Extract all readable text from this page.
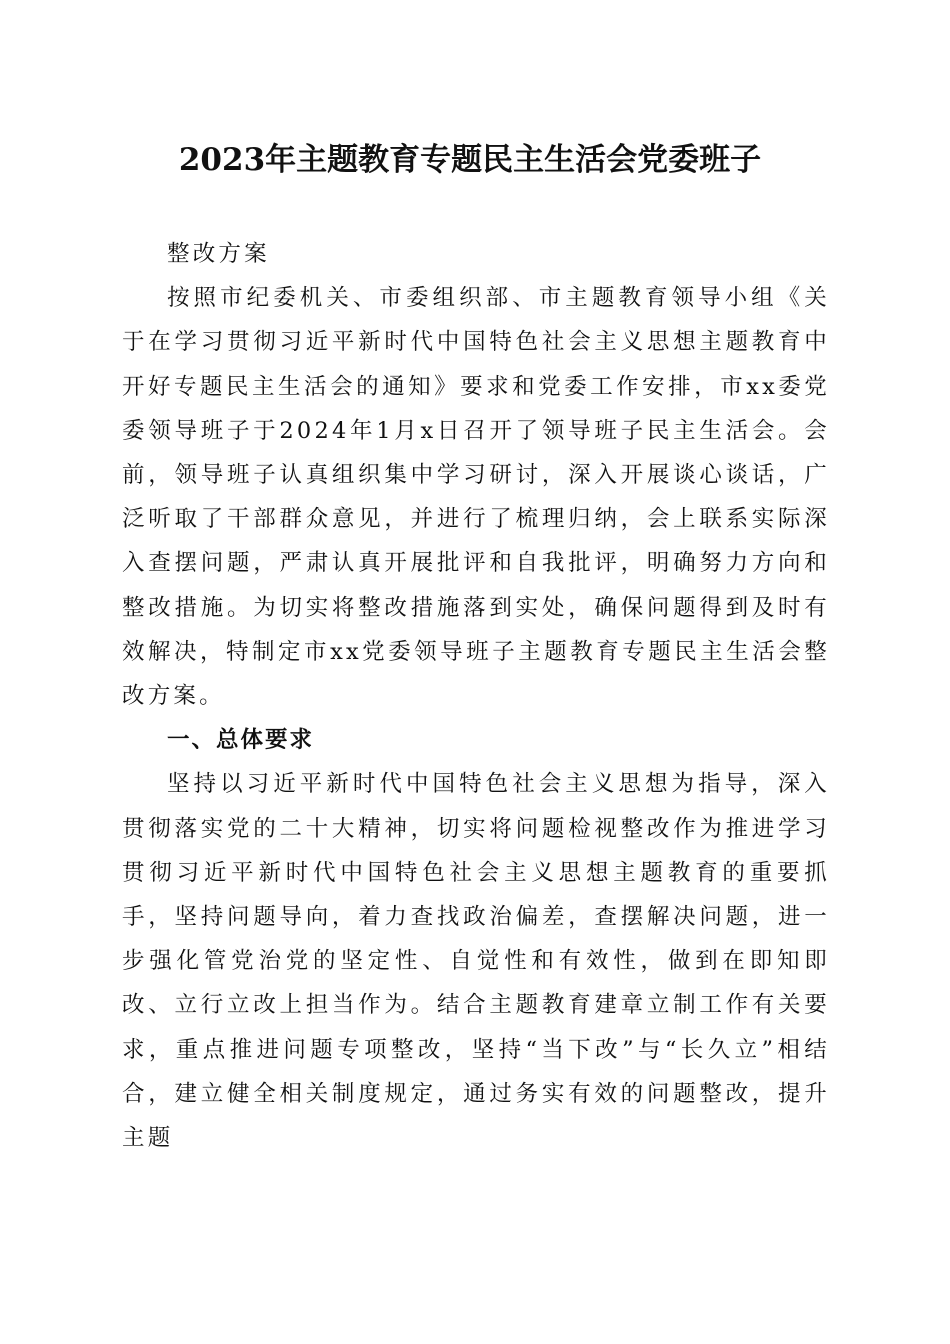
2023年主题教育专题民主生活会党委班子

整改方案

按照市纪委机关、市委组织部、市主题教育领导小组《关于在学习贯彻习近平新时代中国特色社会主义思想主题教育中开好专题民主生活会的通知》要求和党委工作安排，市xx委党委领导班子于2024年1月x日召开了领导班子民主生活会。会前，领导班子认真组织集中学习研讨，深入开展谈心谈话，广泛听取了干部群众意见，并进行了梳理归纳，会上联系实际深入查摆问题，严肃认真开展批评和自我批评，明确努力方向和整改措施。为切实将整改措施落到实处，确保问题得到及时有效解决，特制定市xx党委领导班子主题教育专题民主生活会整改方案。

一、总体要求

坚持以习近平新时代中国特色社会主义思想为指导，深入贯彻落实党的二十大精神，切实将问题检视整改作为推进学习贯彻习近平新时代中国特色社会主义思想主题教育的重要抓手，坚持问题导向，着力查找政治偏差，查摆解决问题，进一步强化管党治党的坚定性、自觉性和有效性，做到在即知即改、立行立改上担当作为。结合主题教育建章立制工作有关要求，重点推进问题专项整改，坚持“当下改”与“长久立”相结合，建立健全相关制度规定，通过务实有效的问题整改，提升主题
